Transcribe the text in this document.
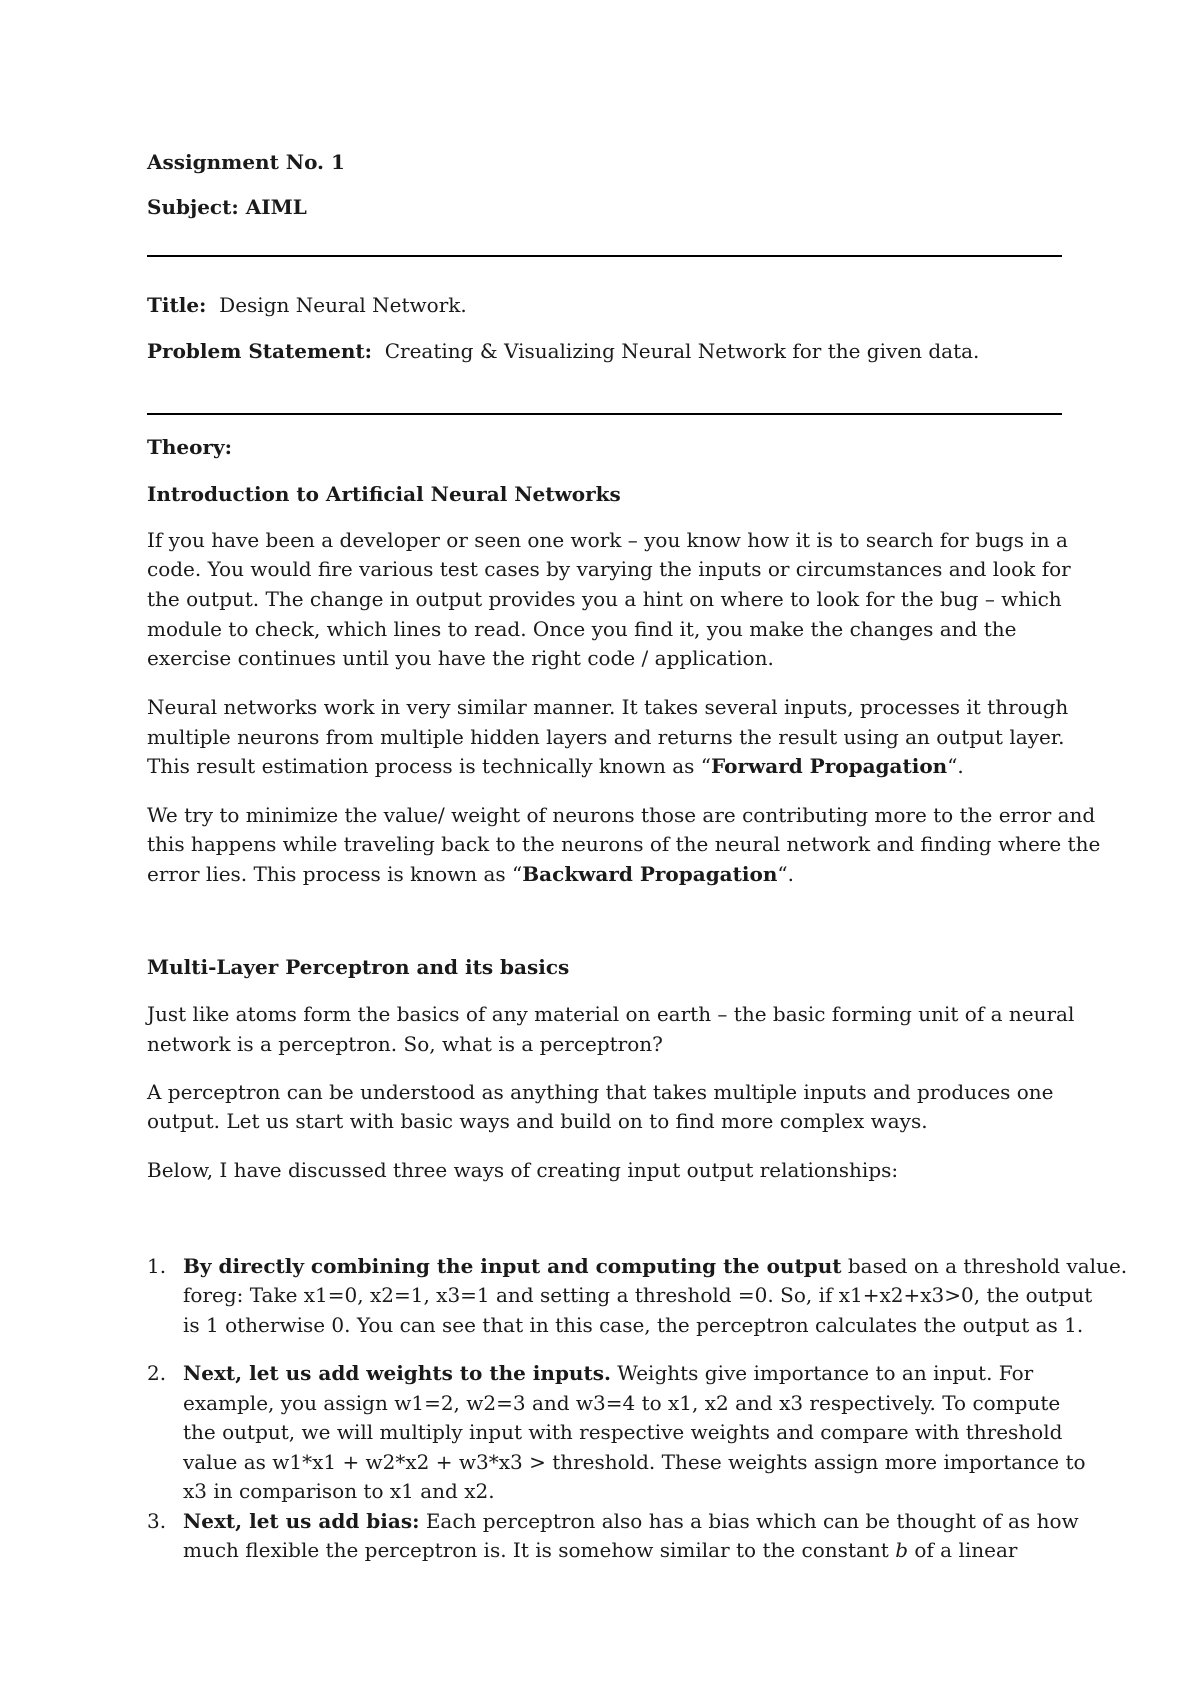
Assignment No. 1
Subject: AIML
Title: Design Neural Network.
Problem Statement: Creating & Visualizing Neural Network for the given data.
Theory:
Introduction to Artificial Neural Networks
If you have been a developer or seen one work – you know how it is to search for bugs in a
code. You would fire various test cases by varying the inputs or circumstances and look for
the output. The change in output provides you a hint on where to look for the bug – which
module to check, which lines to read. Once you find it, you make the changes and the
exercise continues until you have the right code / application.
Neural networks work in very similar manner. It takes several inputs, processes it through
multiple neurons from multiple hidden layers and returns the result using an output layer.
This result estimation process is technically known as “Forward Propagation“.
We try to minimize the value/ weight of neurons those are contributing more to the error and
this happens while traveling back to the neurons of the neural network and finding where the
error lies. This process is known as “Backward Propagation“.
Multi-Layer Perceptron and its basics
Just like atoms form the basics of any material on earth – the basic forming unit of a neural
network is a perceptron. So, what is a perceptron?
A perceptron can be understood as anything that takes multiple inputs and produces one
output. Let us start with basic ways and build on to find more complex ways.
Below, I have discussed three ways of creating input output relationships:
1. By directly combining the input and computing the output based on a threshold value.
foreg: Take x1=0, x2=1, x3=1 and setting a threshold =0. So, if x1+x2+x3>0, the output
is 1 otherwise 0. You can see that in this case, the perceptron calculates the output as 1.
2. Next, let us add weights to the inputs. Weights give importance to an input. For
example, you assign w1=2, w2=3 and w3=4 to x1, x2 and x3 respectively. To compute
the output, we will multiply input with respective weights and compare with threshold
value as w1*x1 + w2*x2 + w3*x3 > threshold. These weights assign more importance to
x3 in comparison to x1 and x2.
3. Next, let us add bias: Each perceptron also has a bias which can be thought of as how
much flexible the perceptron is. It is somehow similar to the constant b of a linear
